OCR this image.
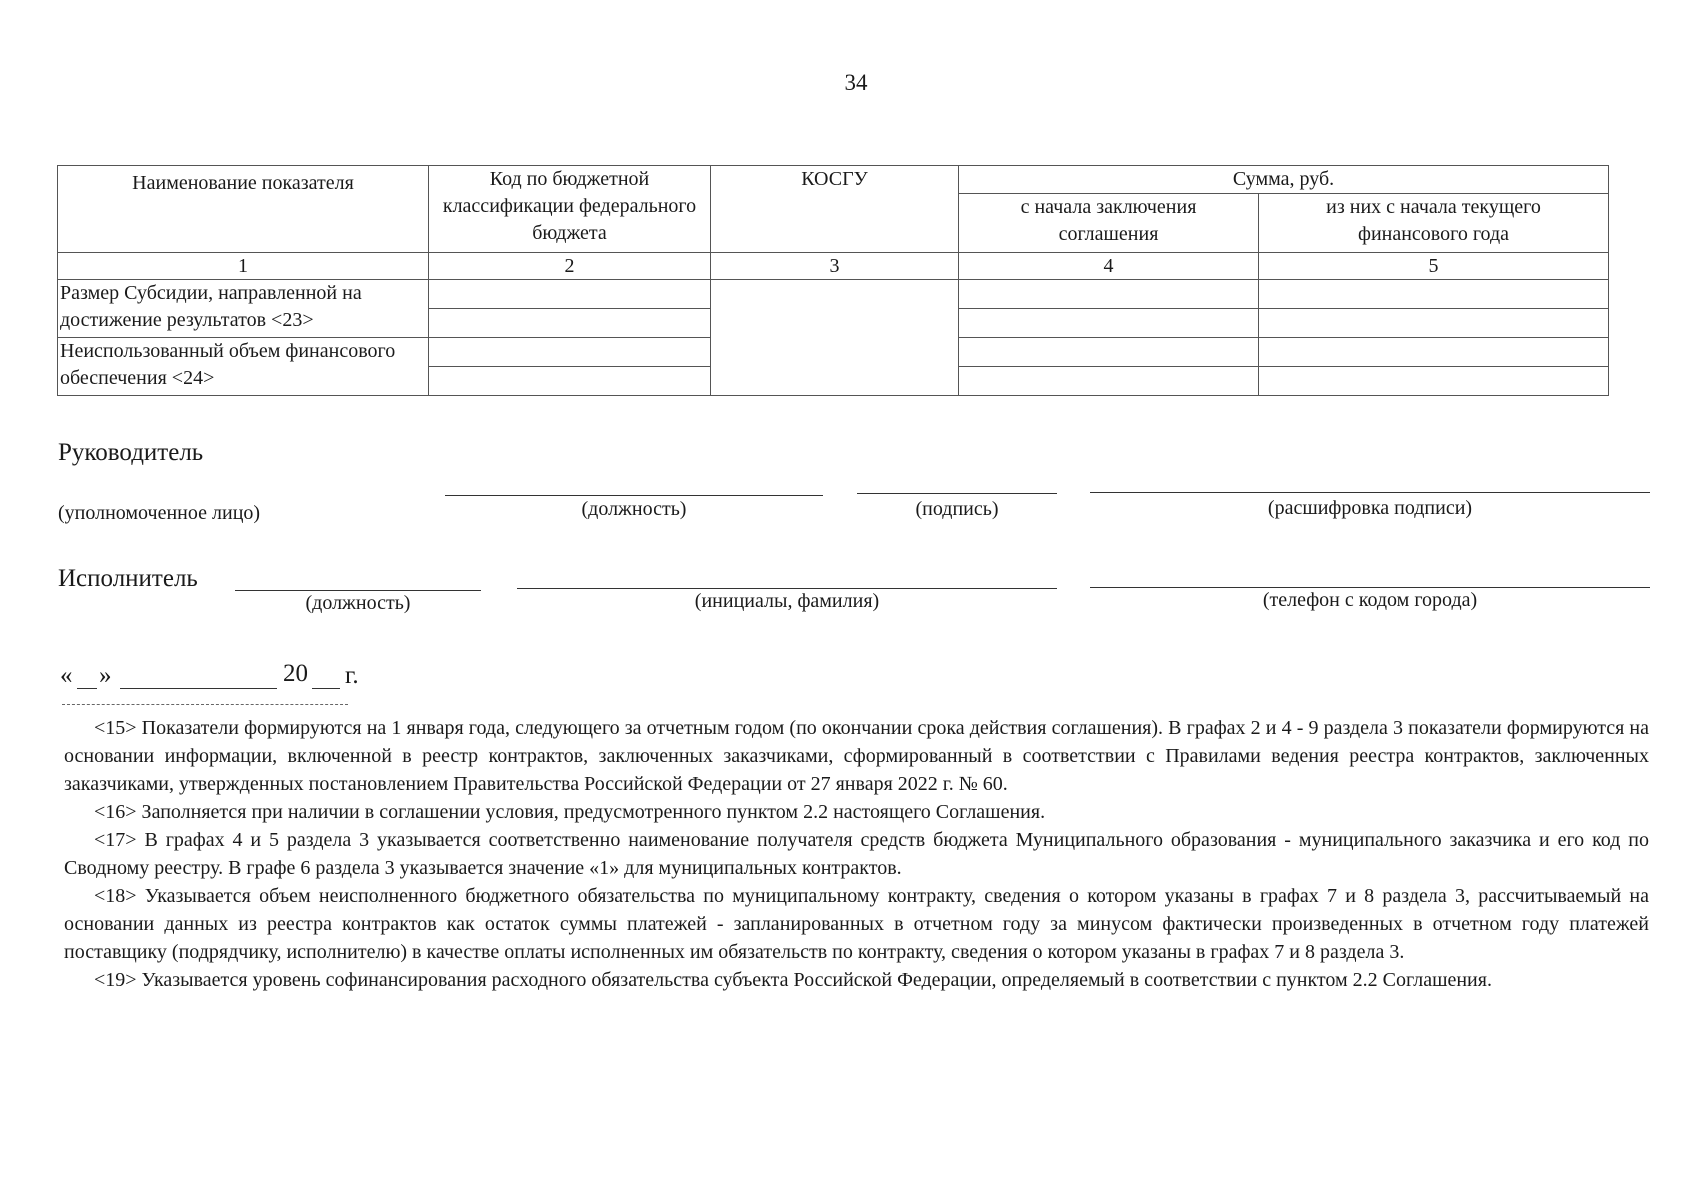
34
Наименование показателя	Код по бюджетной классификации федерального бюджета	КОСГУ	Сумма, руб.	
			с начала заключения соглашения	из них с начала текущего финансового года
1	2	3	4	5
Размер Субсидии, направленной на достижение результатов <23>				

Неиспользованный объем финансового обеспечения <24>				

Руководитель
(уполномоченное лицо)	(должность)	(подпись)	(расшифровка подписи)
Исполнитель
(должность)	(инициалы, фамилия)	(телефон с кодом города)
« »	20 г.

<15> Показатели формируются на 1 января года, следующего за отчетным годом (по окончании срока действия соглашения). В графах 2 и 4 - 9 раздела 3 показатели формируются на основании информации, включенной в реестр контрактов, заключенных заказчиками, сформированный в соответствии с Правилами ведения реестра контрактов, заключенных заказчиками, утвержденных постановлением Правительства Российской Федерации от 27 января 2022 г. № 60.

<16> Заполняется при наличии в соглашении условия, предусмотренного пунктом 2.2 настоящего Соглашения.

<17> В графах 4 и 5 раздела 3 указывается соответственно наименование получателя средств бюджета Муниципального образования - муниципального заказчика и его код по Сводному реестру. В графе 6 раздела 3 указывается значение «1» для муниципальных контрактов.

<18> Указывается объем неисполненного бюджетного обязательства по муниципальному контракту, сведения о котором указаны в графах 7 и 8 раздела 3, рассчитываемый на основании данных из реестра контрактов как остаток суммы платежей - запланированных в отчетном году за минусом фактически произведенных в отчетном году платежей поставщику (подрядчику, исполнителю) в качестве оплаты исполненных им обязательств по контракту, сведения о котором указаны в графах 7 и 8 раздела 3.

<19> Указывается уровень софинансирования расходного обязательства субъекта Российской Федерации, определяемый в соответствии с пунктом 2.2 Соглашения.
